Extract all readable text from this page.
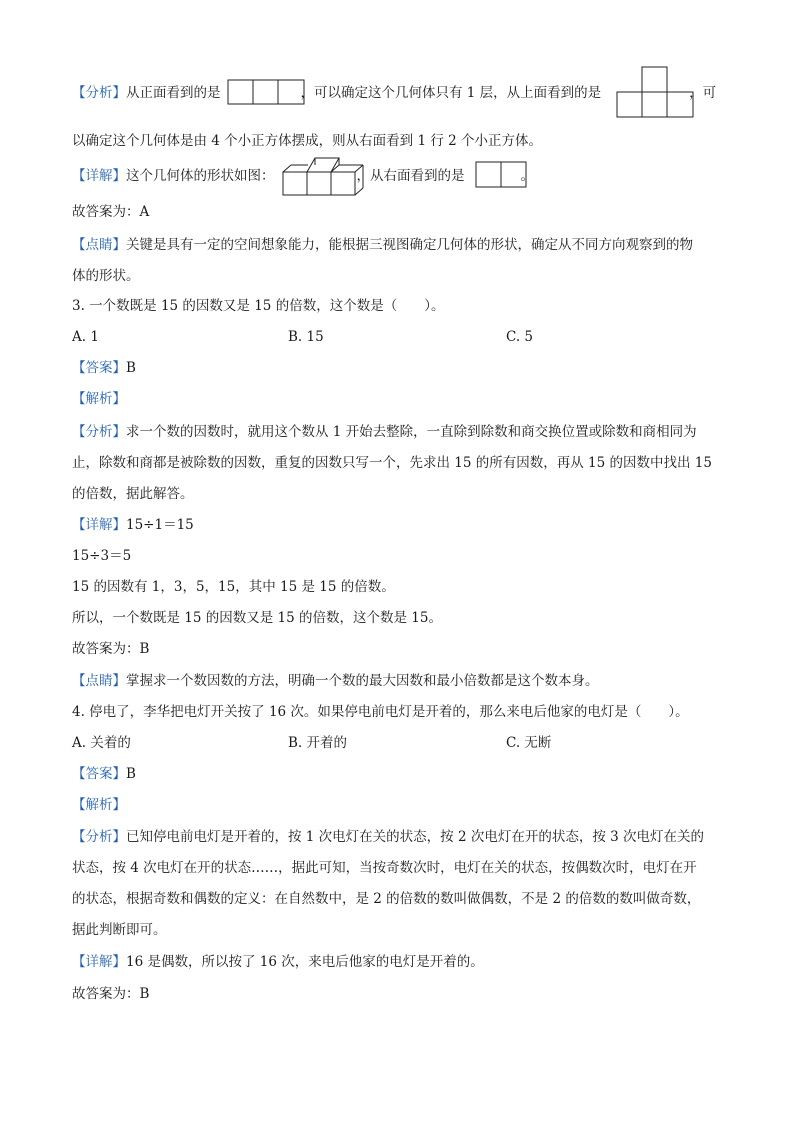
【分析】从正面看到的是	，可以确定这个几何体只有 1 层，从上面看到的是	，可
以确定这个几何体是由 4 个小正方体摆成，则从右面看到 1 行 2 个小正方体。
【详解】这个几何体的形状如图：	，从右面看到的是	。
故答案为：A
【点睛】关键是具有一定的空间想象能力，能根据三视图确定几何体的形状，确定从不同方向观察到的物
体的形状。
3. 一个数既是 15 的因数又是 15 的倍数，这个数是（　　）。
A. 1	B. 15	C. 5
【答案】B
【解析】
【分析】求一个数的因数时，就用这个数从 1 开始去整除，一直除到除数和商交换位置或除数和商相同为
止，除数和商都是被除数的因数，重复的因数只写一个，先求出 15 的所有因数，再从 15 的因数中找出 15
的倍数，据此解答。
【详解】15÷1＝15
15÷3＝5
15 的因数有 1，3，5，15，其中 15 是 15 的倍数。
所以，一个数既是 15 的因数又是 15 的倍数，这个数是 15。
故答案为：B
【点睛】掌握求一个数因数的方法，明确一个数的最大因数和最小倍数都是这个数本身。
4. 停电了，李华把电灯开关按了 16 次。如果停电前电灯是开着的，那么来电后他家的电灯是（　　）。
A. 关着的	B. 开着的	C. 无断
【答案】B
【解析】
【分析】已知停电前电灯是开着的，按 1 次电灯在关的状态，按 2 次电灯在开的状态，按 3 次电灯在关的
状态，按 4 次电灯在开的状态……，据此可知，当按奇数次时，电灯在关的状态，按偶数次时，电灯在开
的状态，根据奇数和偶数的定义：在自然数中，是 2 的倍数的数叫做偶数，不是 2 的倍数的数叫做奇数，
据此判断即可。
【详解】16 是偶数，所以按了 16 次，来电后他家的电灯是开着的。
故答案为：B
